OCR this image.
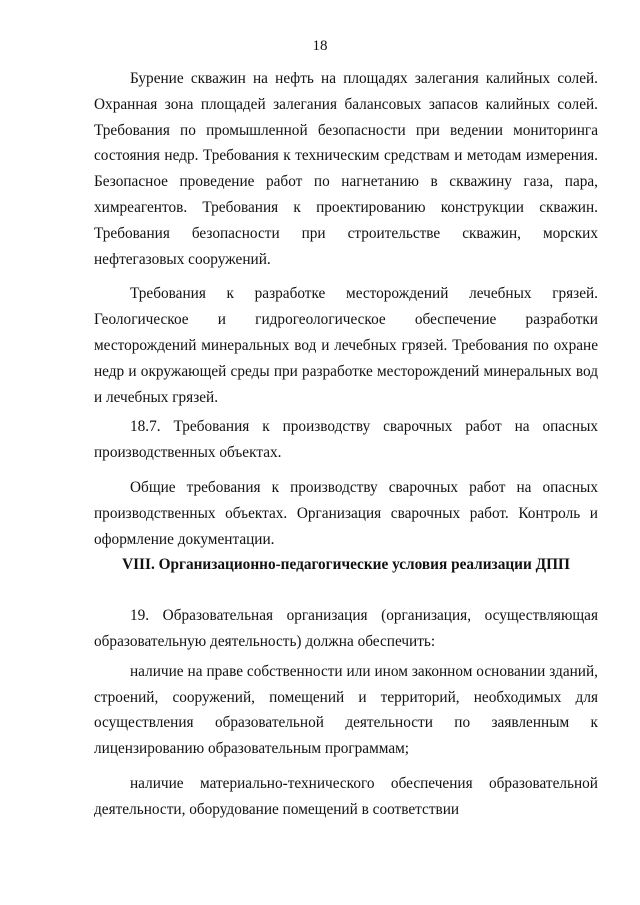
18

Бурение скважин на нефть на площадях залегания калийных солей. Охранная зона площадей залегания балансовых запасов калийных солей. Требования по промышленной безопасности при ведении мониторинга состояния недр. Требования к техническим средствам и методам измерения. Безопасное проведение работ по нагнетанию в скважину газа, пара, химреагентов. Требования к проектированию конструкции скважин. Требования безопасности при строительстве скважин, морских нефтегазовых сооружений.

Требования к разработке месторождений лечебных грязей. Геологическое и гидрогеологическое обеспечение разработки месторождений минеральных вод и лечебных грязей. Требования по охране недр и окружающей среды при разработке месторождений минеральных вод и лечебных грязей.

18.7. Требования к производству сварочных работ на опасных производственных объектах.

Общие требования к производству сварочных работ на опасных производственных объектах. Организация сварочных работ. Контроль и оформление документации.

VIII. Организационно-педагогические условия реализации ДПП

19. Образовательная организация (организация, осуществляющая образовательную деятельность) должна обеспечить:

наличие на праве собственности или ином законном основании зданий, строений, сооружений, помещений и территорий, необходимых для осуществления образовательной деятельности по заявленным к лицензированию образовательным программам;

наличие материально-технического обеспечения образовательной деятельности, оборудование помещений в соответствии
